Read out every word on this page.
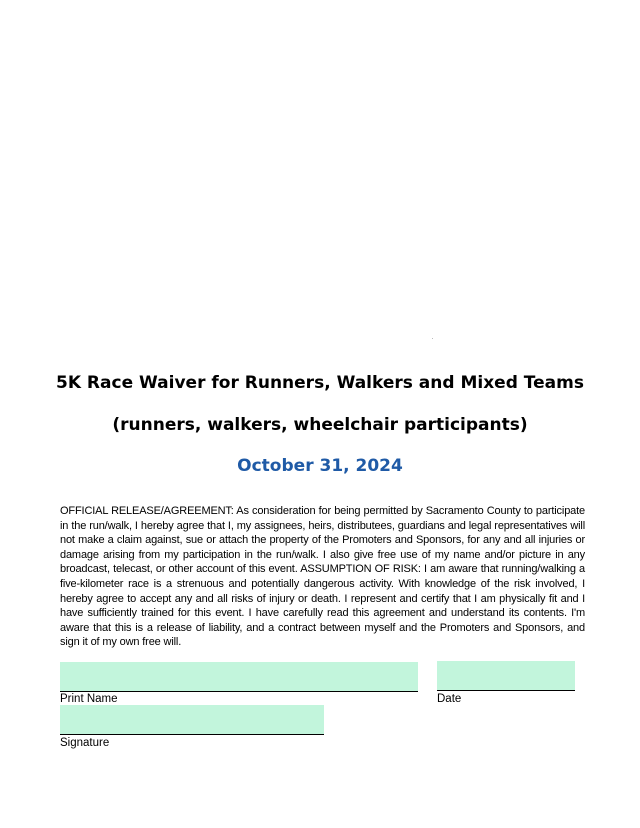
5K Race Waiver for Runners, Walkers and Mixed Teams
(runners, walkers, wheelchair participants)
October 31, 2024

OFFICIAL RELEASE/AGREEMENT: As consideration for being permitted by Sacramento County to participate in the run/walk, I hereby agree that I, my assignees, heirs, distributees, guardians and legal representatives will not make a claim against, sue or attach the property of the Promoters and Sponsors, for any and all injuries or damage arising from my participation in the run/walk. I also give free use of my name and/or picture in any broadcast, telecast, or other account of this event. ASSUMPTION OF RISK: I am aware that running/walking a five-kilometer race is a strenuous and potentially dangerous activity. With knowledge of the risk involved, I hereby agree to accept any and all risks of injury or death. I represent and certify that I am physically fit and I have sufficiently trained for this event. I have carefully read this agreement and understand its contents. I'm aware that this is a release of liability, and a contract between myself and the Promoters and Sponsors, and sign it of my own free will.

Print Name	Date
Signature
